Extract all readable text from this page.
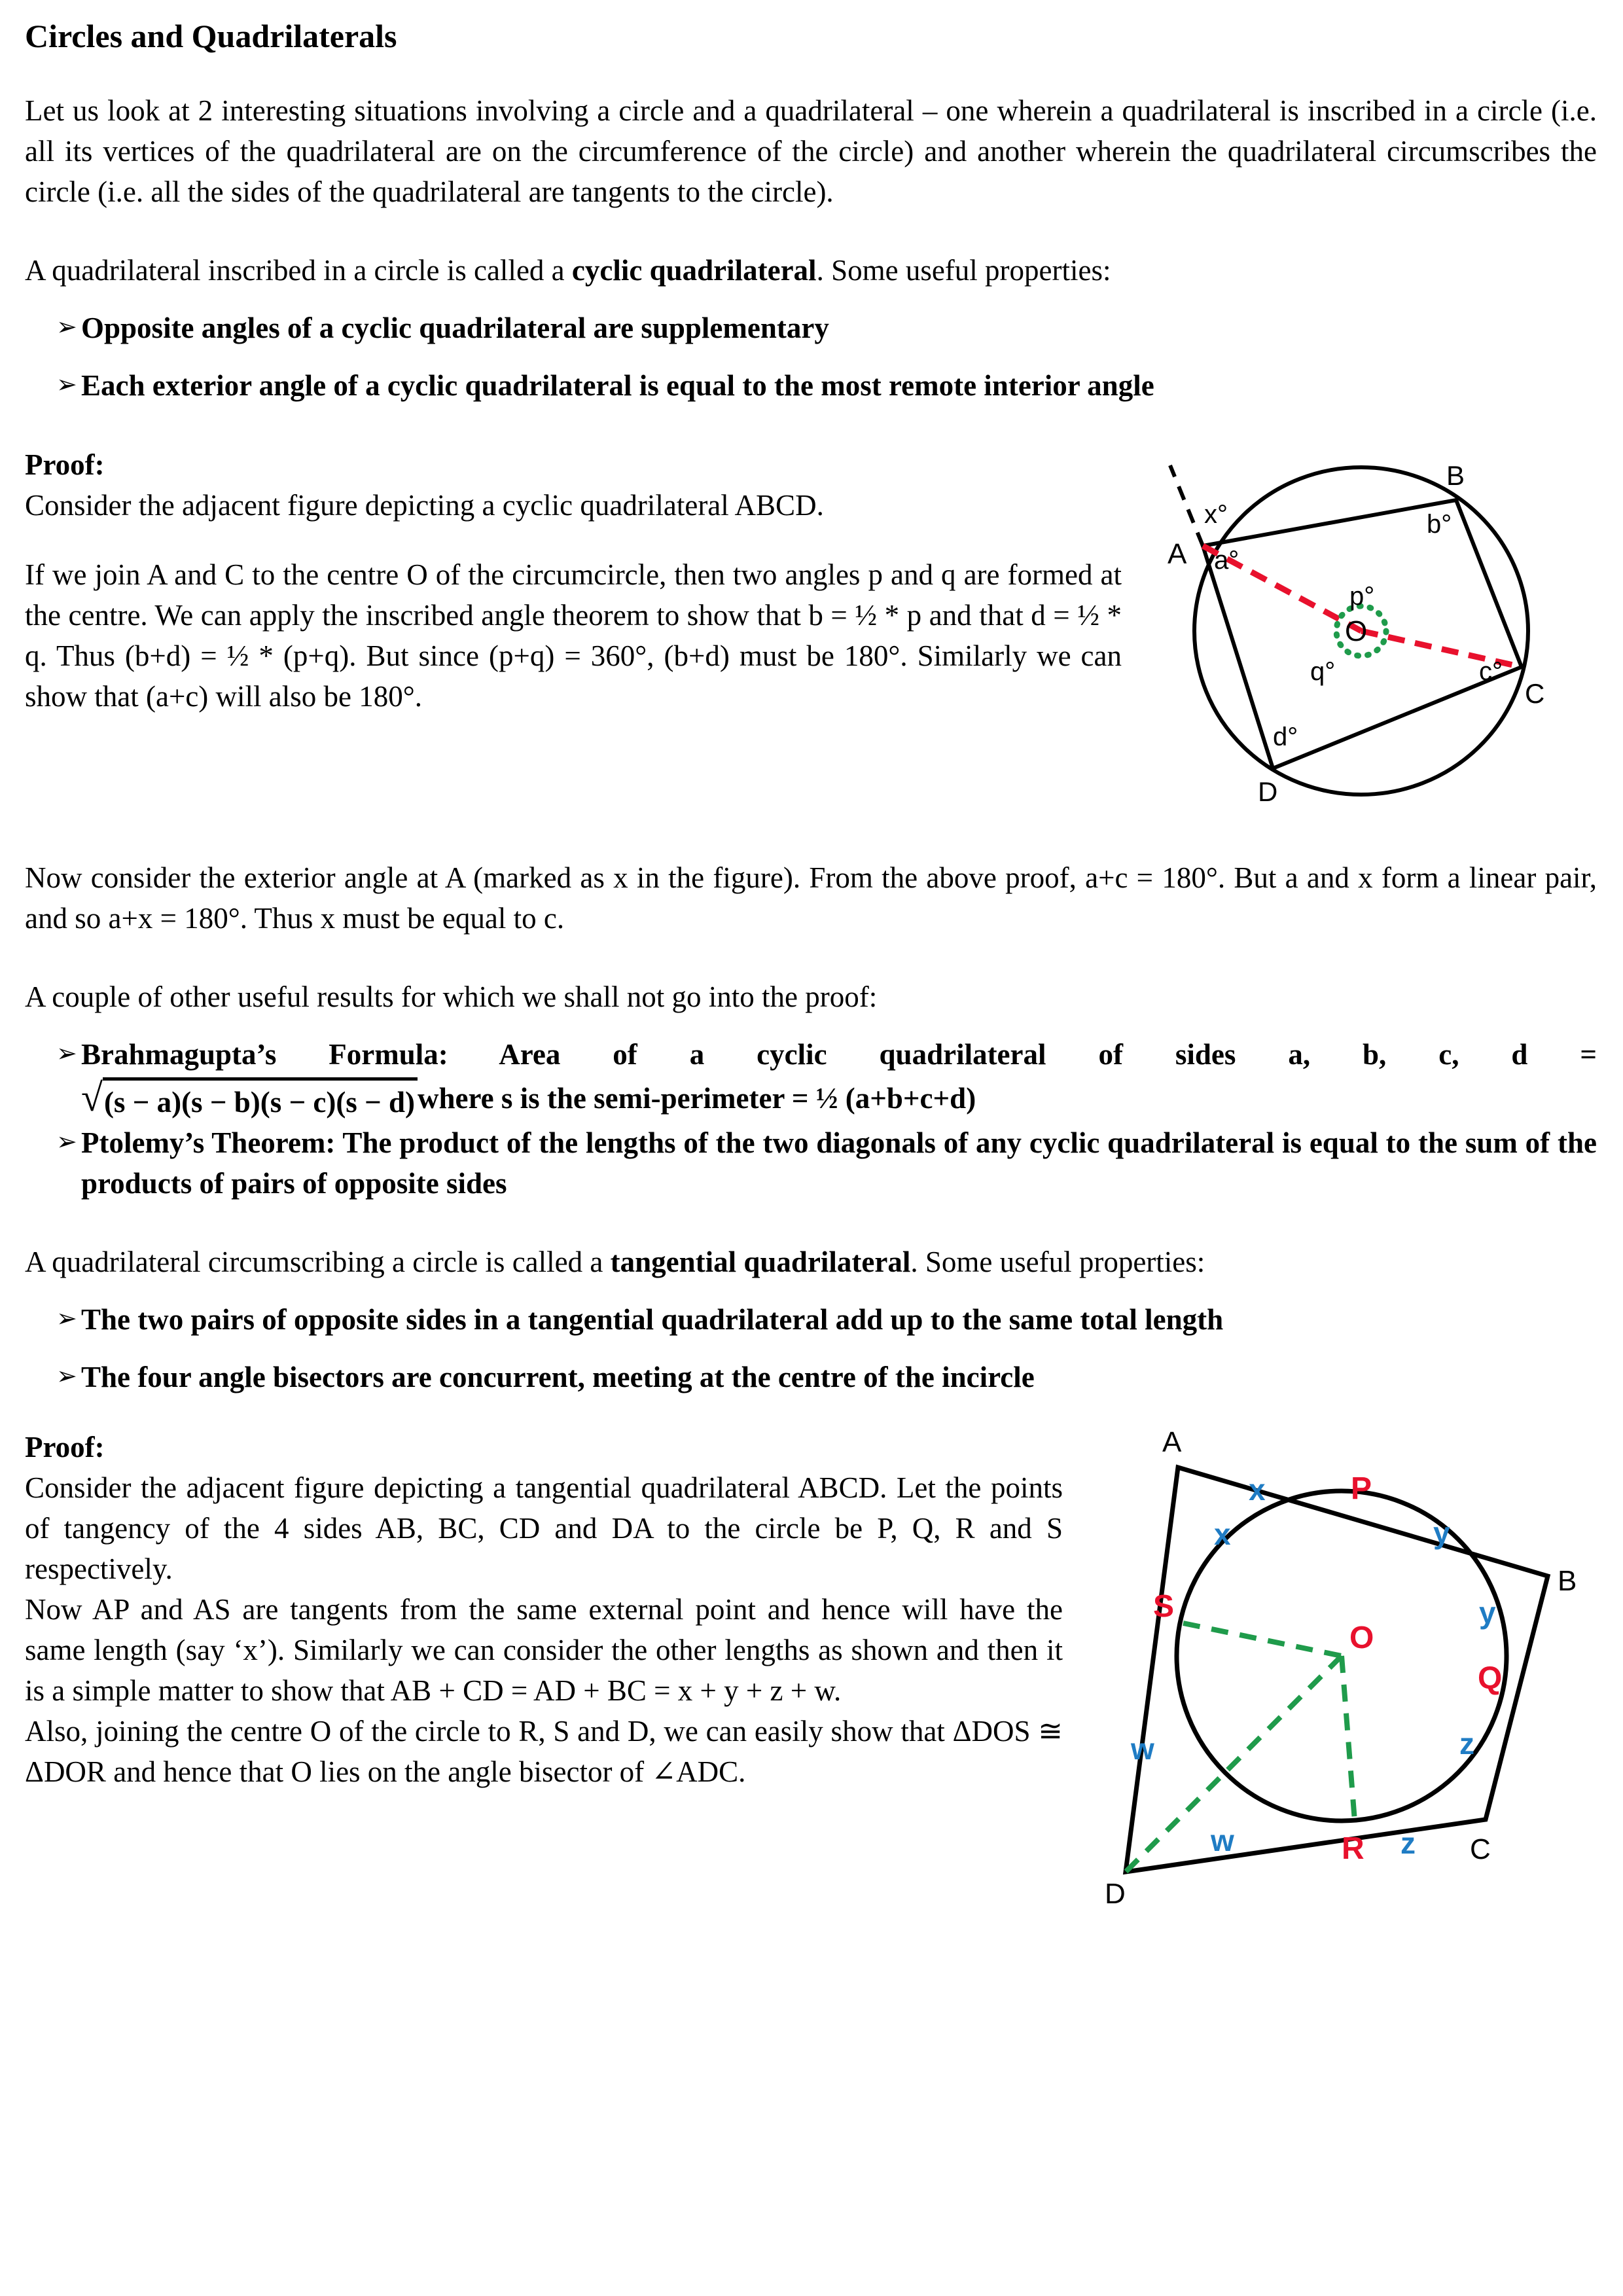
Circles and Quadrilaterals

Let us look at 2 interesting situations involving a circle and a quadrilateral – one wherein a quadrilateral is inscribed in a circle (i.e. all its vertices of the quadrilateral are on the circumference of the circle) and another wherein the quadrilateral circumscribes the circle (i.e. all the sides of the quadrilateral are tangents to the circle).

A quadrilateral inscribed in a circle is called a cyclic quadrilateral. Some useful properties:

➢ Opposite angles of a cyclic quadrilateral are supplementary
➢ Each exterior angle of a cyclic quadrilateral is equal to the most remote interior angle
A
B
C
D
x°
a°
b°
c°
d°
p°
q°
O

Proof:

Consider the adjacent figure depicting a cyclic quadrilateral ABCD.

If we join A and C to the centre O of the circumcircle, then two angles p and q are formed at the centre. We can apply the inscribed angle theorem to show that b = ½ * p and that d = ½ * q. Thus (b+d) = ½ * (p+q). But since (p+q) = 360°, (b+d) must be 180°. Similarly we can show that (a+c) will also be 180°.

Now consider the exterior angle at A (marked as x in the figure). From the above proof, a+c = 180°. But a and x form a linear pair, and so a+x = 180°. Thus x must be equal to c.

A couple of other useful results for which we shall not go into the proof:

➢ Brahmagupta’s Formula: Area of a cyclic quadrilateral of sides a, b, c, d =
√ (s − a)(s − b)(s − c)(s − d) where s is the semi-perimeter = ½ (a+b+c+d)
➢ Ptolemy’s Theorem: The product of the lengths of the two diagonals of any cyclic quadrilateral is equal to the sum of the products of pairs of opposite sides

A quadrilateral circumscribing a circle is called a tangential quadrilateral. Some useful properties:

➢ The two pairs of opposite sides in a tangential quadrilateral add up to the same total length
➢ The four angle bisectors are concurrent, meeting at the centre of the incircle
A
B
C
D
P
Q
R
S
O
x
x	y
y
z
z
w
w

Proof:

Consider the adjacent figure depicting a tangential quadrilateral ABCD. Let the points of tangency of the 4 sides AB, BC, CD and DA to the circle be P, Q, R and S respectively.

Now AP and AS are tangents from the same external point and hence will have the same length (say ‘x’). Similarly we can consider the other lengths as shown and then it is a simple matter to show that AB + CD = AD + BC = x + y + z + w.

Also, joining the centre O of the circle to R, S and D, we can easily show that ΔDOS ≅ ΔDOR and hence that O lies on the angle bisector of ∠ADC.
